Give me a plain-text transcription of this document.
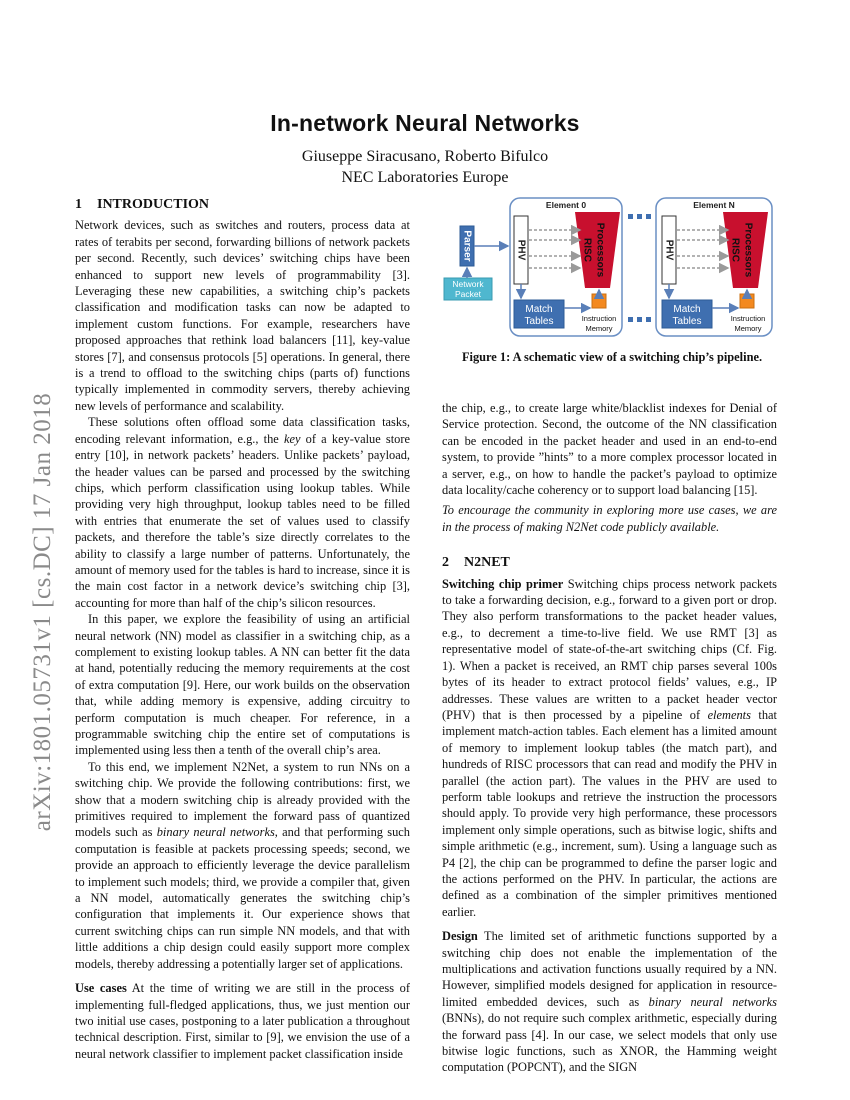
In-network Neural Networks
Giuseppe Siracusano, Roberto Bifulco
NEC Laboratories Europe
arXiv:1801.05731v1 [cs.DC] 17 Jan 2018
1 INTRODUCTION

Network devices, such as switches and routers, process data at rates of terabits per second, forwarding billions of network packets per second. Recently, such devices’ switching chips have been enhanced to support new levels of programmability [3]. Leveraging these new capabilities, a switching chip’s packets classification and modification tasks can now be adapted to implement custom functions. For example, researchers have proposed approaches that rethink load balancers [11], key-value stores [7], and consensus protocols [5] operations. In general, there is a trend to offload to the switching chips (parts of) functions typically implemented in commodity servers, thereby achieving new levels of performance and scalability.

These solutions often offload some data classification tasks, encoding relevant information, e.g., the key of a key-value store entry [10], in network packets’ headers. Unlike packets’ payload, the header values can be parsed and processed by the switching chips, which perform classification using lookup tables. While providing very high throughput, lookup tables need to be filled with entries that enumerate the set of values used to classify packets, and therefore the table’s size directly correlates to the ability to classify a large number of patterns. Unfortunately, the amount of memory used for the tables is hard to increase, since it is the main cost factor in a network device’s switching chip [3], accounting for more than half of the chip’s silicon resources.

In this paper, we explore the feasibility of using an artificial neural network (NN) model as classifier in a switching chip, as a complement to existing lookup tables. A NN can better fit the data at hand, potentially reducing the memory requirements at the cost of extra computation [9]. Here, our work builds on the observation that, while adding memory is expensive, adding circuitry to perform computation is much cheaper. For reference, in a programmable switching chip the entire set of computations is implemented using less then a tenth of the overall chip’s area.

To this end, we implement N2Net, a system to run NNs on a switching chip. We provide the following contributions: first, we show that a modern switching chip is already provided with the primitives required to implement the forward pass of quantized models such as binary neural networks, and that performing such computation is feasible at packets processing speeds; second, we provide an approach to efficiently leverage the device parallelism to implement such models; third, we provide a compiler that, given a NN model, automatically generates the switching chip’s configuration that implements it. Our experience shows that current switching chips can run simple NN models, and that with little additions a chip design could easily support more complex models, thereby addressing a potentially larger set of applications.

Use cases At the time of writing we are still in the process of implementing full-fledged applications, thus, we just mention our two initial use cases, postponing to a later publication a throughout technical description. First, similar to [9], we envision the use of a neural network classifier to implement packet classification inside

Parser
Network
Packet
Element 0
PHV	RISC Processors
Match
Tables	Instruction
Memory
Element N
PHV	RISC Processors
Match
Tables	Instruction
Memory
Figure 1: A schematic view of a switching chip’s pipeline.

the chip, e.g., to create large white/blacklist indexes for Denial of Service protection. Second, the outcome of the NN classification can be encoded in the packet header and used in an end-to-end system, to provide ”hints” to a more complex processor located in a server, e.g., on how to handle the packet’s payload to optimize data locality/cache coherency or to support load balancing [15].

To encourage the community in exploring more use cases, we are in the process of making N2Net code publicly available.

2 N2NET

Switching chip primer Switching chips process network packets to take a forwarding decision, e.g., forward to a given port or drop. They also perform transformations to the packet header values, e.g., to decrement a time-to-live field. We use RMT [3] as representative model of state-of-the-art switching chips (Cf. Fig. 1). When a packet is received, an RMT chip parses several 100s bytes of its header to extract protocol fields’ values, e.g., IP addresses. These values are written to a packet header vector (PHV) that is then processed by a pipeline of elements that implement match-action tables. Each element has a limited amount of memory to implement lookup tables (the match part), and hundreds of RISC processors that can read and modify the PHV in parallel (the action part). The values in the PHV are used to perform table lookups and retrieve the instruction the processors should apply. To provide very high performance, these processors implement only simple operations, such as bitwise logic, shifts and simple arithmetic (e.g., increment, sum). Using a language such as P4 [2], the chip can be programmed to define the parser logic and the actions performed on the PHV. In particular, the actions are defined as a combination of the simpler primitives mentioned earlier.

Design The limited set of arithmetic functions supported by a switching chip does not enable the implementation of the multiplications and activation functions usually required by a NN. However, simplified models designed for application in resource-limited embedded devices, such as binary neural networks (BNNs), do not require such complex arithmetic, especially during the forward pass [4]. In our case, we select models that only use bitwise logic functions, such as XNOR, the Hamming weight computation (POPCNT), and the SIGN
